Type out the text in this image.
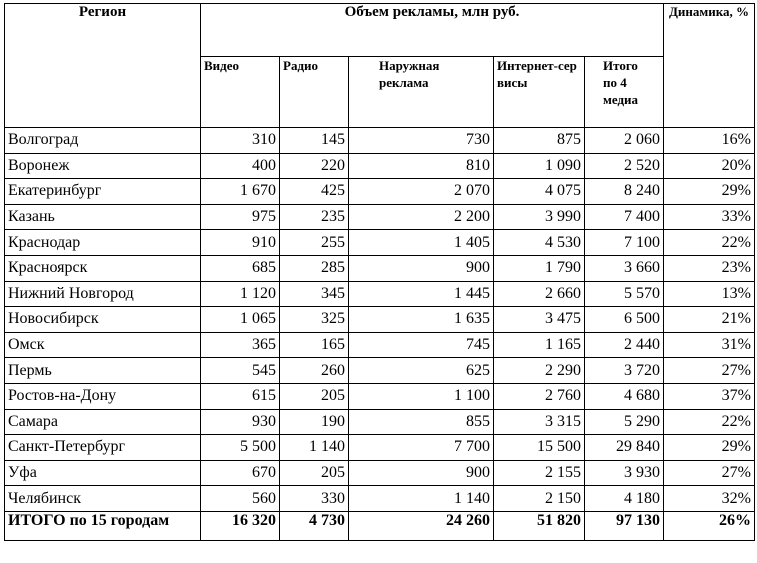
Регион	Объем рекламы, млн руб.					Динамика, %
	Видео	Радио	Наружная реклама	Интернет-сервисы	Итого по 4 медиа	
Волгоград	310	145	730	875	2 060	16%
Воронеж	400	220	810	1 090	2 520	20%
Екатеринбург	1 670	425	2 070	4 075	8 240	29%
Казань	975	235	2 200	3 990	7 400	33%
Краснодар	910	255	1 405	4 530	7 100	22%
Красноярск	685	285	900	1 790	3 660	23%
Нижний Новгород	1 120	345	1 445	2 660	5 570	13%
Новосибирск	1 065	325	1 635	3 475	6 500	21%
Омск	365	165	745	1 165	2 440	31%
Пермь	545	260	625	2 290	3 720	27%
Ростов-на-Дону	615	205	1 100	2 760	4 680	37%
Самара	930	190	855	3 315	5 290	22%
Санкт-Петербург	5 500	1 140	7 700	15 500	29 840	29%
Уфа	670	205	900	2 155	3 930	27%
Челябинск	560	330	1 140	2 150	4 180	32%
ИТОГО по 15 городам	16 320	4 730	24 260	51 820	97 130	26%
